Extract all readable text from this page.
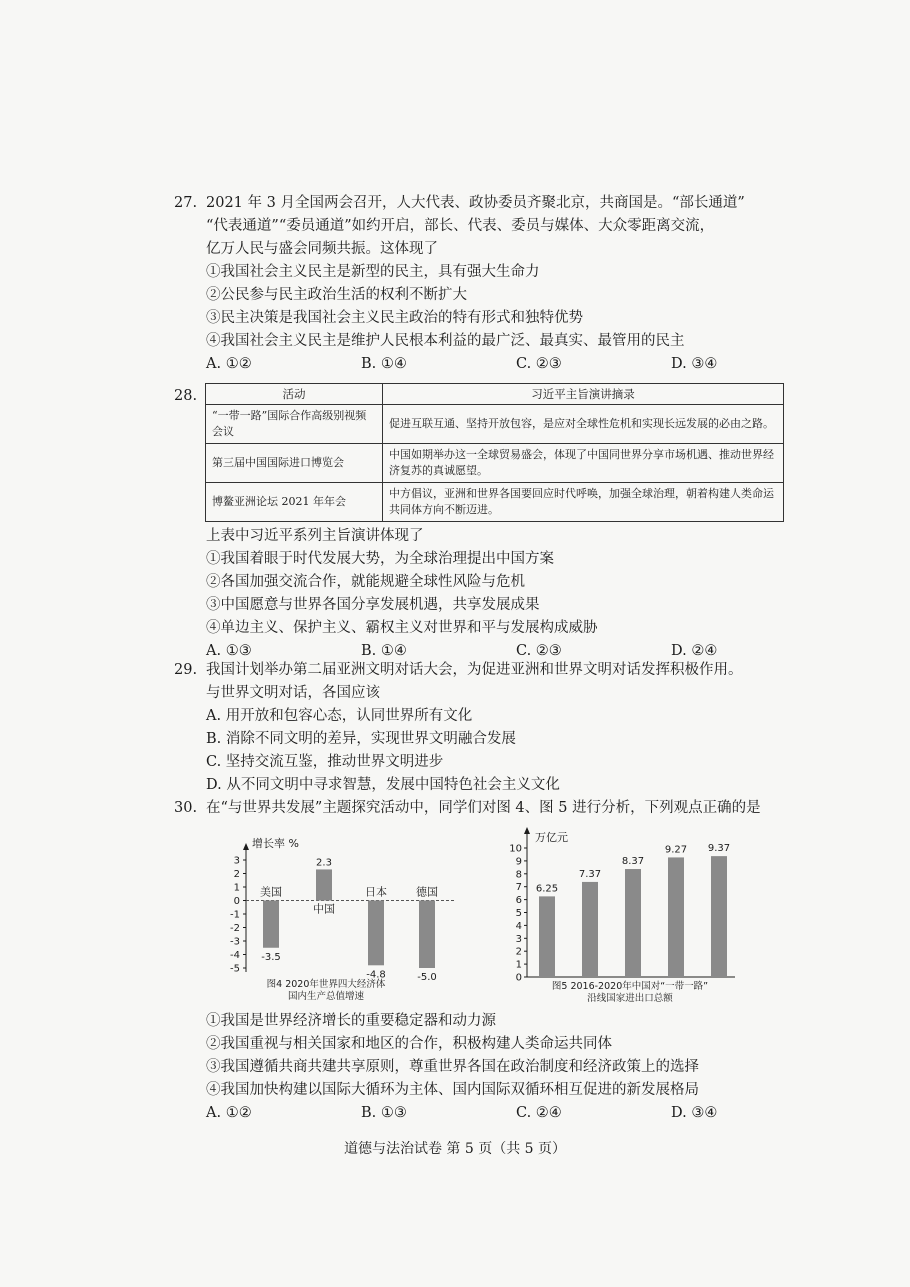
27. 2021 年 3 月全国两会召开，人大代表、政协委员齐聚北京，共商国是。“部长通道”
“代表通道”“委员通道”如约开启，部长、代表、委员与媒体、大众零距离交流，
亿万人民与盛会同频共振。这体现了
①我国社会主义民主是新型的民主，具有强大生命力
②公民参与民主政治生活的权利不断扩大
③民主决策是我国社会主义民主政治的特有形式和独特优势
④我国社会主义民主是维护人民根本利益的最广泛、最真实、最管用的民主
A. ①②	B. ①④	C. ②③	D. ③④
28.	活动	习近平主旨演讲摘录
“一带一路”国际合作高级别视频会议	促进互联互通、坚持开放包容，是应对全球性危机和实现长远发展的必由之路。
第三届中国国际进口博览会	中国如期举办这一全球贸易盛会，体现了中国同世界分享市场机遇、推动世界经济复苏的真诚愿望。
博鳌亚洲论坛 2021 年年会	中方倡议，亚洲和世界各国要回应时代呼唤，加强全球治理，朝着构建人类命运共同体方向不断迈进。
上表中习近平系列主旨演讲体现了
①我国着眼于时代发展大势，为全球治理提出中国方案
②各国加强交流合作，就能规避全球性风险与危机
③中国愿意与世界各国分享发展机遇，共享发展成果
④单边主义、保护主义、霸权主义对世界和平与发展构成威胁
A. ①③	B. ①④	C. ②③	D. ②④
29. 我国计划举办第二届亚洲文明对话大会，为促进亚洲和世界文明对话发挥积极作用。
与世界文明对话，各国应该
A. 用开放和包容心态，认同世界所有文化
B. 消除不同文明的差异，实现世界文明融合发展
C. 坚持交流互鉴，推动世界文明进步
D. 从不同文明中寻求智慧，发展中国特色社会主义文化
30. 在“与世界共发展”主题探究活动中，同学们对图 4、图 5 进行分析，下列观点正确的是
增长率 %
3
2
1
0
-1
-2
-3
-4
-5
美国
-3.5
中国
2.3
日本
-4.8
德国
-5.0
图4 2020年世界四大经济体
国内生产总值增速
万亿元
10
9
8
7
6
5
4
3
2
1
0
6.25
7.37
8.37
9.27 9.37
图5 2016-2020年中国对“一带一路”
沿线国家进出口总额
①我国是世界经济增长的重要稳定器和动力源
②我国重视与相关国家和地区的合作，积极构建人类命运共同体
③我国遵循共商共建共享原则，尊重世界各国在政治制度和经济政策上的选择
④我国加快构建以国际大循环为主体、国内国际双循环相互促进的新发展格局
A. ①②	B. ①③	C. ②④	D. ③④
道德与法治试卷 第 5 页（共 5 页）
